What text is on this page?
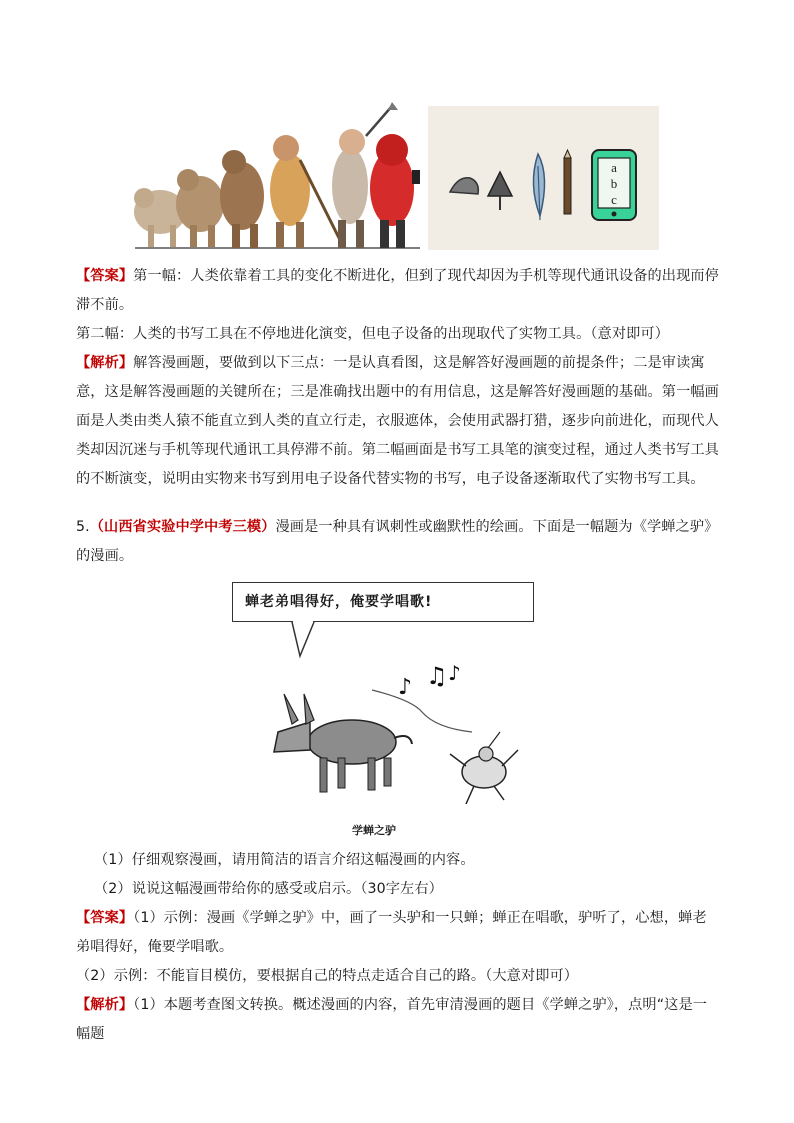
a
b
c

【答案】第一幅：人类依靠着工具的变化不断进化，但到了现代却因为手机等现代通讯设备的出现而停滞不前。

第二幅：人类的书写工具在不停地进化演变，但电子设备的出现取代了实物工具。（意对即可）

【解析】解答漫画题，要做到以下三点：一是认真看图，这是解答好漫画题的前提条件；二是审读寓意，这是解答漫画题的关键所在；三是准确找出题中的有用信息，这是解答好漫画题的基础。第一幅画面是人类由类人猿不能直立到人类的直立行走，衣服遮体，会使用武器打猎，逐步向前进化，而现代人类却因沉迷与手机等现代通讯工具停滞不前。第二幅画面是书写工具笔的演变过程，通过人类书写工具的不断演变，说明由实物来书写到用电子设备代替实物的书写，电子设备逐渐取代了实物书写工具。

5.（山西省实验中学中考三模）漫画是一种具有讽刺性或幽默性的绘画。下面是一幅题为《学蝉之驴》的漫画。

蝉老弟唱得好，俺要学唱歌!
♪ ♫ ♪
学蝉之驴

（1）仔细观察漫画，请用简洁的语言介绍这幅漫画的内容。

（2）说说这幅漫画带给你的感受或启示。（30字左右）

【答案】（1）示例：漫画《学蝉之驴》中，画了一头驴和一只蝉；蝉正在唱歌，驴听了，心想，蝉老弟唱得好，俺要学唱歌。

（2）示例：不能盲目模仿，要根据自己的特点走适合自己的路。（大意对即可）

【解析】（1）本题考查图文转换。概述漫画的内容，首先审清漫画的题目《学蝉之驴》，点明“这是一幅题
